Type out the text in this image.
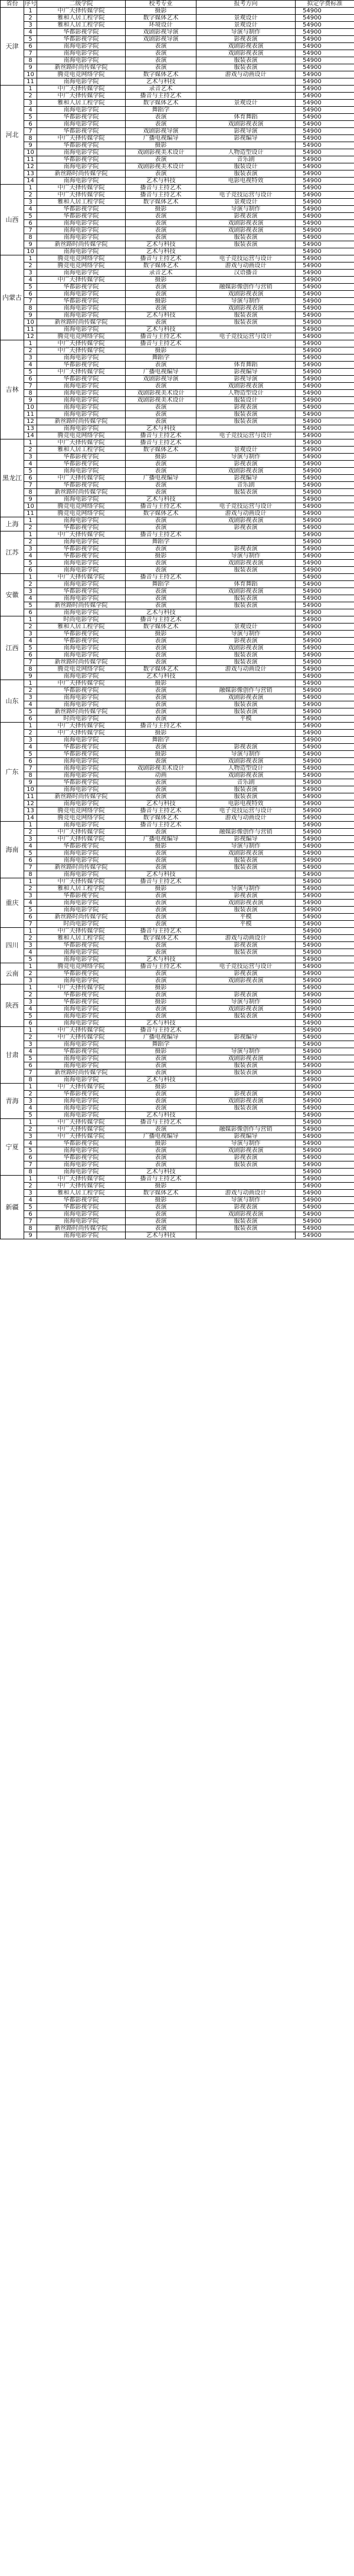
省份	序号	二级学院	校考专业	报考方向	拟定学费标准
天津	1	中广天择传媒学院	摄影		54900
	2	雅和人居工程学院	数字媒体艺术	景观设计	54900
	3	雅和人居工程学院	环境设计	景观设计	54900
	4	华都影视学院	戏剧影视导演	导演与制作	54900
	5	华都影视学院	戏剧影视导演	影视表演	54900
	6	南海电影学院	表演	戏剧影视表演	54900
	7	南海电影学院	表演	戏剧影视表演	54900
	8	南海电影学院	表演	服装表演	54900
	9	新丝路时尚传媒学院	表演	服装表演	54900
	10	腾竞电竞网络学院	数字媒体艺术	游戏与动画设计	54900
	11	南海电影学院	艺术与科技		54900
河北	1	中广天择传媒学院	录音艺术		54900
	2	中广天择传媒学院	播音与主持艺术		54900
	3	雅和人居工程学院	数字媒体艺术	景观设计	54900
	4	南海电影学院	舞蹈学		54900
	5	华都影视学院	表演	体育舞蹈	54900
	6	南海电影学院	表演	戏剧影视表演	54900
	7	华都影视学院	戏剧影视导演	影视导演	54900
	8	中广天择传媒学院	广播电视编导	影视编导	54900
	9	华都影视学院	摄影		54900
	10	南海电影学院	戏剧影视美术设计	人物造型设计	54900
	11	华都影视学院	表演	音乐剧	54900
	12	南海电影学院	戏剧影视美术设计	服装设计	54900
	13	新丝路时尚传媒学院	表演	服装表演	54900
	14	南海电影学院	艺术与科技	电影电视特效	54900
山西	1	中广天择传媒学院	播音与主持艺术		54900
	2	中广天择传媒学院	播音与主持艺术	电子竞技运营与设计	54900
	3	雅和人居工程学院	数字媒体艺术	景观设计	54900
	4	华都影视学院	摄影	导演与制作	54900
	5	华都影视学院	表演	影视表演	54900
	6	南海电影学院	表演	戏剧影视表演	54900
	7	南海电影学院	表演	戏剧影视表演	54900
	8	南海电影学院	表演	服装表演	54900
	9	新丝路时尚传媒学院	艺术与科技	服装表演	54900
	10	南海电影学院	艺术与科技		54900
内蒙古	1	腾竞电竞网络学院	播音与主持艺术	电子竞技运营与设计	54900
	2	腾竞电竞网络学院	数字媒体艺术	游戏与动画设计	54900
	3	南海电影学院	录音艺术	汉语播音	54900
	4	中广天择传媒学院	摄影		54900
	5	华都影视学院	表演	融媒影像创作与营销	54900
	6	南海电影学院	表演	戏剧影视表演	54900
	7	华都影视学院	摄影	导演与制作	54900
	8	南海电影学院	表演	戏剧影视表演	54900
	9	南海电影学院	艺术与科技	服装表演	54900
	10	新丝路时尚传媒学院	表演	服装表演	54900
	11	南海电影学院	艺术与科技		54900
	12	腾竞电竞网络学院	播音与主持艺术	电子竞技运营与设计	54900
吉林	1	中广天择传媒学院	播音与主持艺术		54900
	2	中广天择传媒学院	摄影		54900
	3	南海电影学院	舞蹈学		54900
	4	华都影视学院	表演	体育舞蹈	54900
	5	中广天择传媒学院	广播电视编导	影视编导	54900
	6	华都影视学院	戏剧影视导演	影视导演	54900
	7	南海电影学院	表演	戏剧影视表演	54900
	8	南海电影学院	戏剧影视美术设计	人物造型设计	54900
	9	南海电影学院	戏剧影视美术设计	服装设计	54900
	10	南海电影学院	表演	影视表演	54900
	11	南海电影学院	表演	服装表演	54900
	12	新丝路时尚传媒学院	表演	服装表演	54900
	13	南海电影学院	艺术与科技		54900
	14	腾竞电竞网络学院	播音与主持艺术	电子竞技运营与设计	54900
黑龙江	1	中广天择传媒学院	播音与主持艺术		54900
	2	雅和人居工程学院	数字媒体艺术	景观设计	54900
	3	华都影视学院	摄影	导演与制作	54900
	4	华都影视学院	表演	影视表演	54900
	5	南海电影学院	表演	戏剧影视表演	54900
	6	中广天择传媒学院	广播电视编导	影视编导	54900
	7	华都影视学院	表演	音乐剧	54900
	8	新丝路时尚传媒学院	表演	服装表演	54900
	9	南海电影学院	艺术与科技		54900
	10	腾竞电竞网络学院	播音与主持艺术	电子竞技运营与设计	54900
	11	腾竞电竞网络学院	数字媒体艺术	游戏与动画设计	54900
上海	1	南海电影学院	表演	戏剧影视表演	54900
	2	华都影视学院	表演	影视表演	54900
江苏	1	中广天择传媒学院	播音与主持艺术		54900
	2	南海电影学院	舞蹈学		54900
	3	华都影视学院	表演	影视表演	54900
	4	华都影视学院	摄影	导演与制作	54900
	5	南海电影学院	表演	戏剧影视表演	54900
	6	南海电影学院	表演	服装表演	54900
安徽	1	中广天择传媒学院	播音与主持艺术		54900
	2	南海电影学院	舞蹈学	体育舞蹈	54900
	3	华都影视学院	表演	戏剧影视表演	54900
	4	南海电影学院	表演	服装表演	54900
	5	新丝路时尚传媒学院	表演	服装表演	54900
	6	南海电影学院	艺术与科技		54900
江西	1	时尚电影学院	播音与主持艺术		54900
	2	雅和人居工程学院	数字媒体艺术	景观设计	54900
	3	华都影视学院	摄影	导演与制作	54900
	4	华都影视学院	表演	影视表演	54900
	5	南海电影学院	表演	戏剧影视表演	54900
	6	南海电影学院	表演	服装表演	54900
	7	新丝路时尚传媒学院	表演	服装表演	54900
	8	腾竞电竞网络学院	数字媒体艺术	游戏与动画设计	54900
	9	南海电影学院	艺术与科技		54900
山东	1	中广天择传媒学院	摄影		54900
	2	华都影视学院	表演	融媒影像创作与营销	54900
	3	南海电影学院	表演	戏剧影视表演	54900
	4	南海电影学院	表演	服装表演	54900
	5	新丝路时尚传媒学院	表演	服装表演	54900
	6	时尚电影学院	表演	平模	54900
广东	1	中广天择传媒学院	播音与主持艺术		54900
	2	中广天择传媒学院	摄影		54900
	3	南海电影学院	舞蹈学		54900
	4	华都影视学院	表演	影视表演	54900
	5	华都影视学院	摄影	导演与制作	54900
	6	南海电影学院	表演	戏剧影视表演	54900
	7	南海电影学院	戏剧影视美术设计	人物造型设计	54900
	8	南海电影学院	动画	戏剧影视表演	54900
	9	华都影视学院	表演	音乐剧	54900
	10	南海电影学院	表演	服装表演	54900
	11	新丝路时尚传媒学院	表演	服装表演	54900
	12	南海电影学院	艺术与科技	电影电视特效	54900
	13	腾竞电竞网络学院	播音与主持艺术	电子竞技运营与设计	54900
	14	腾竞电竞网络学院	数字媒体艺术	游戏与动画设计	54900
海南	1	南海电影学院	播音与主持艺术		54900
	2	中广天择传媒学院	表演	融媒影像创作与营销	54900
	3	中广天择传媒学院	广播电视编导	影视编导	54900
	4	华都影视学院	摄影	导演与制作	54900
	5	南海电影学院	表演	戏剧影视表演	54900
	6	南海电影学院	表演	服装表演	54900
	7	新丝路时尚传媒学院	表演	服装表演	54900
	8	南海电影学院	艺术与科技		54900
重庆	1	中广天择传媒学院	播音与主持艺术		54900
	2	雅和人居工程学院	摄影	导演与制作	54900
	3	华都影视学院	表演	影视表演	54900
	4	南海电影学院	表演	戏剧影视表演	54900
	5	南海电影学院	表演	服装表演	54900
	6	新丝路时尚传媒学院	表演	平模	54900
	7	时尚电影学院	表演	平模	54900
四川	1	中广天择传媒学院	播音与主持艺术		54900
	2	雅和人居工程学院	数字媒体艺术	游戏与动画设计	54900
	3	华都影视学院	表演	影视表演	54900
	4	南海电影学院	表演	服装表演	54900
	5	南海电影学院	艺术与科技		54900
云南	1	腾竞电竞网络学院	播音与主持艺术	电子竞技运营与设计	54900
	2	华都影视学院	表演	影视表演	54900
	3	南海电影学院	表演	戏剧影视表演	54900
陕西	1	中广天择传媒学院	摄影		54900
	2	华都影视学院	表演	影视表演	54900
	3	华都影视学院	摄影	导演与制作	54900
	4	南海电影学院	表演	戏剧影视表演	54900
	5	南海电影学院	表演	服装表演	54900
	6	南海电影学院	艺术与科技		54900
甘肃	1	中广天择传媒学院	播音与主持艺术		54900
	2	中广天择传媒学院	广播电视编导	影视编导	54900
	3	南海电影学院	舞蹈学		54900
	4	华都影视学院	摄影	导演与制作	54900
	5	南海电影学院	表演	戏剧影视表演	54900
	6	南海电影学院	表演	服装表演	54900
	7	新丝路时尚传媒学院	表演	服装表演	54900
	8	南海电影学院	艺术与科技		54900
青海	1	中广天择传媒学院	摄影		54900
	2	华都影视学院	表演	影视表演	54900
	3	南海电影学院	表演	戏剧影视表演	54900
	4	南海电影学院	表演	服装表演	54900
	5	南海电影学院	艺术与科技		54900
宁夏	1	中广天择传媒学院	播音与主持艺术		54900
	2	中广天择传媒学院	表演	融媒影像创作与营销	54900
	3	中广天择传媒学院	广播电视编导	影视编导	54900
	4	华都影视学院	摄影	导演与制作	54900
	5	南海电影学院	表演	戏剧影视表演	54900
	6	华都影视学院	表演	影视表演	54900
	7	南海电影学院	表演	服装表演	54900
	8	南海电影学院	艺术与科技		54900
新疆	1	中广天择传媒学院	播音与主持艺术		54900
	2	中广天择传媒学院	摄影		54900
	3	雅和人居工程学院	数字媒体艺术	游戏与动画设计	54900
	4	华都影视学院	摄影	导演与制作	54900
	5	华都影视学院	表演	影视表演	54900
	6	南海电影学院	表演	戏剧影视表演	54900
	7	南海电影学院	表演	服装表演	54900
	8	新丝路时尚传媒学院	表演	服装表演	54900
	9	南海电影学院	艺术与科技		54900
